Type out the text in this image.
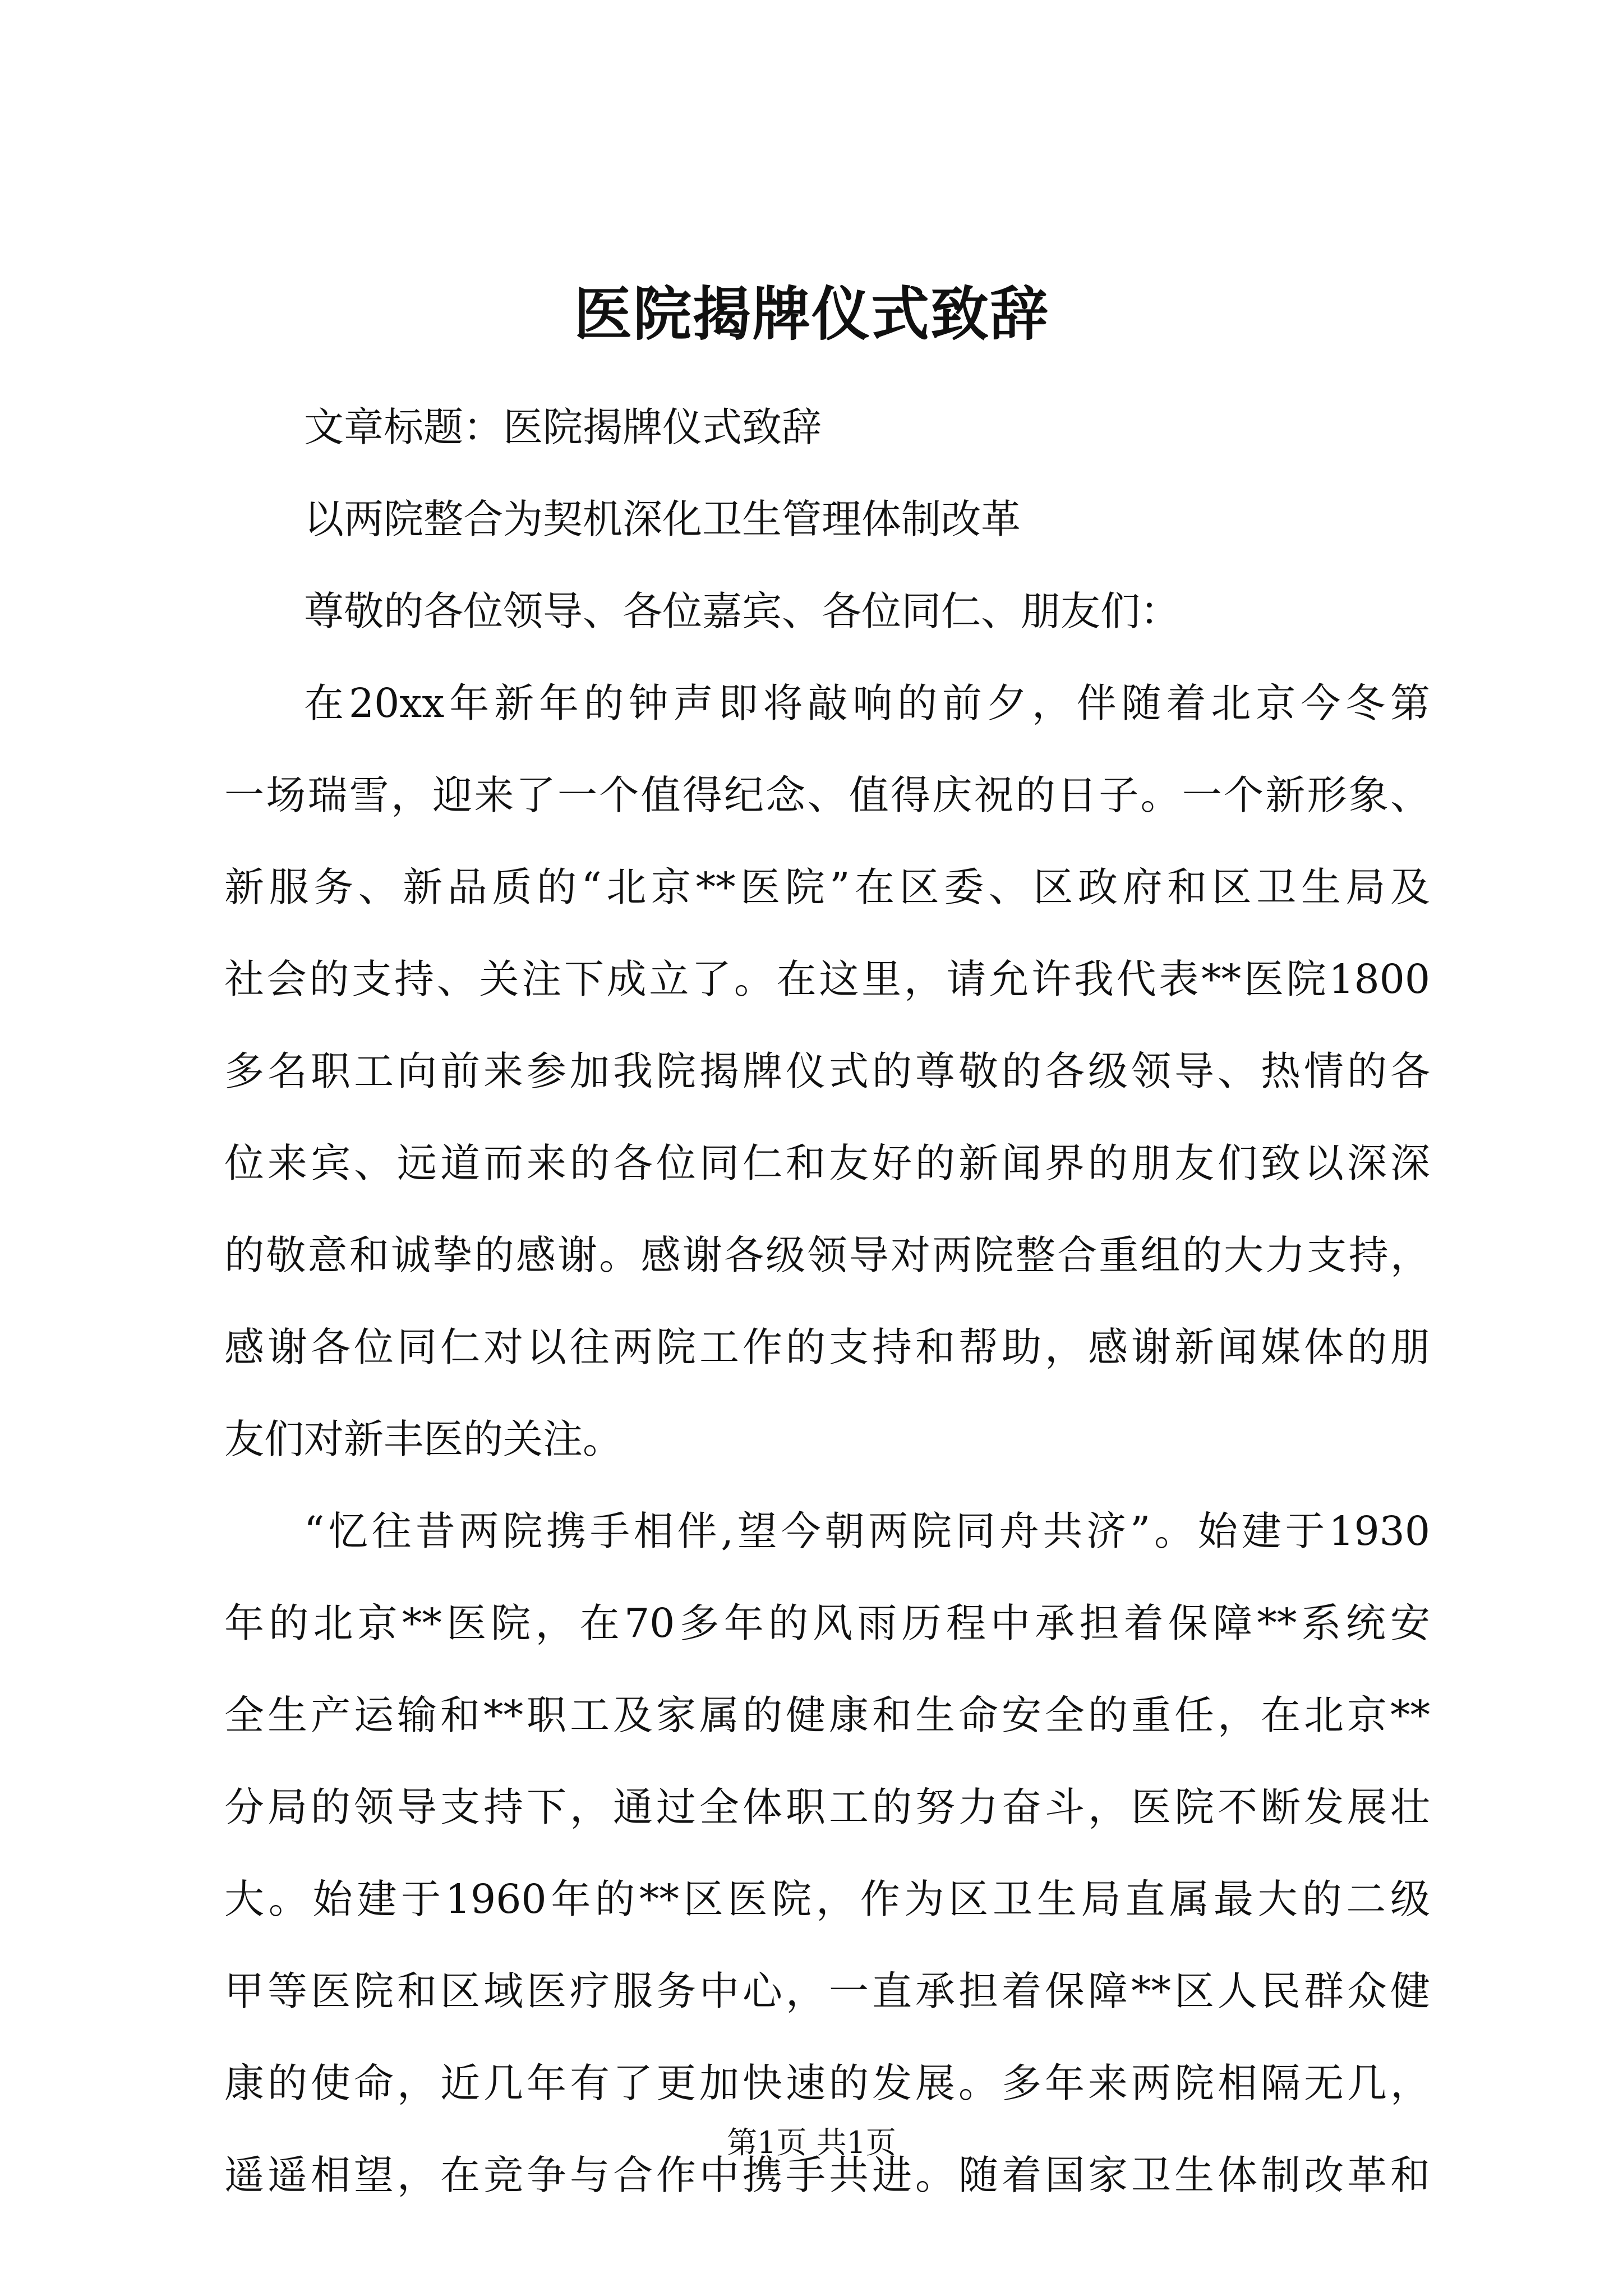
医院揭牌仪式致辞
文章标题：医院揭牌仪式致辞
以两院整合为契机深化卫生管理体制改革
尊敬的各位领导、各位嘉宾、各位同仁、朋友们：
在20xx年新年的钟声即将敲响的前夕，伴随着北京今冬第
一场瑞雪，迎来了一个值得纪念、值得庆祝的日子。一个新形象、
新服务、新品质的“北京**医院”在区委、区政府和区卫生局及
社会的支持、关注下成立了。在这里，请允许我代表**医院1800
多名职工向前来参加我院揭牌仪式的尊敬的各级领导、热情的各
位来宾、远道而来的各位同仁和友好的新闻界的朋友们致以深深
的敬意和诚挚的感谢。感谢各级领导对两院整合重组的大力支持，
感谢各位同仁对以往两院工作的支持和帮助，感谢新闻媒体的朋
友们对新丰医的关注。
“忆往昔两院携手相伴,望今朝两院同舟共济”。始建于1930
年的北京**医院，在70多年的风雨历程中承担着保障**系统安
全生产运输和**职工及家属的健康和生命安全的重任，在北京**
分局的领导支持下，通过全体职工的努力奋斗，医院不断发展壮
大。始建于1960年的**区医院，作为区卫生局直属最大的二级
甲等医院和区域医疗服务中心，一直承担着保障**区人民群众健
康的使命，近几年有了更加快速的发展。多年来两院相隔无几，
遥遥相望，在竞争与合作中携手共进。随着国家卫生体制改革和
第1页 共1页
